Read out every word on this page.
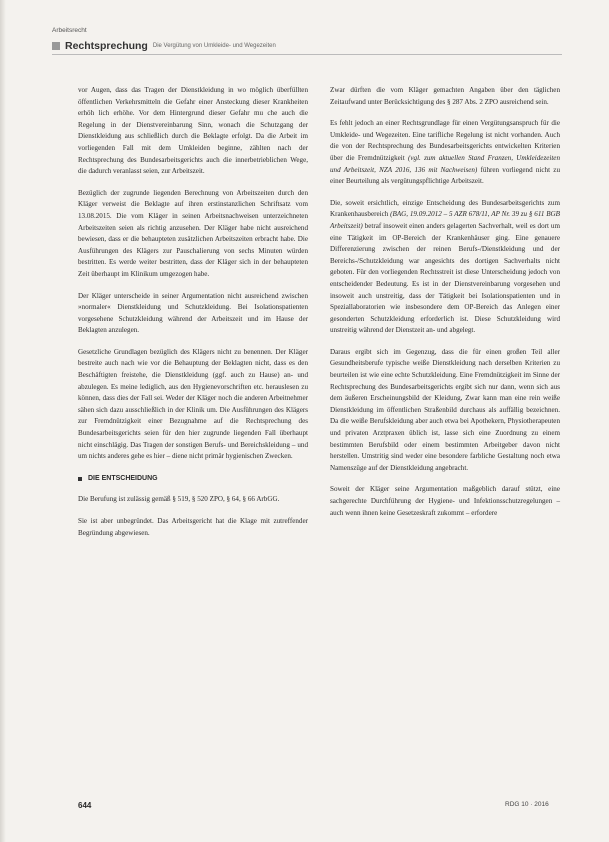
Arbeitsrecht
Rechtsprechung Die Vergütung von Umkleide- und Wegezeiten

vor Augen, dass das Tragen der Dienstkleidung in wo möglich überfüllten öffentlichen Verkehrsmitteln die Gefahr einer Ansteckung dieser Krankheiten erhöh lich erhöhe. Vor dem Hintergrund dieser Gefahr mu che auch die Regelung in der Dienstvereinbarung Sinn, wonach die Schutzgang der Dienstkleidung aus schließlich durch die Beklagte erfolgt. Da die Arbeit im vorliegenden Fall mit dem Umkleiden beginne, zählten nach der Rechtsprechung des Bundesarbeitsgerichts auch die innerbetrieblichen Wege, die dadurch veranlasst seien, zur Arbeitszeit.

Bezüglich der zugrunde liegenden Berechnung von Arbeitszeiten durch den Kläger verweist die Beklagte auf ihren erstinstanzlichen Schriftsatz vom 13.08.2015. Die vom Kläger in seinen Arbeitsnachweisen unterzeichneten Arbeitszeiten seien als richtig anzusehen. Der Kläger habe nicht ausreichend bewiesen, dass er die behaupteten zusätzlichen Arbeitszeiten erbracht habe. Die Ausführungen des Klägers zur Pauschalierung von sechs Minuten würden bestritten. Es werde weiter bestritten, dass der Kläger sich in der behaupteten Zeit überhaupt im Klinikum umgezogen habe.

Der Kläger unterscheide in seiner Argumentation nicht ausreichend zwischen »normaler« Dienstkleidung und Schutzkleidung. Bei Isolationspatienten vorgesehene Schutzkleidung während der Arbeitszeit und im Hause der Beklagten anzulegen.

Gesetzliche Grundlagen bezüglich des Klägers nicht zu benennen. Der Kläger bestreite auch nach wie vor die Behauptung der Beklagten nicht, dass es den Beschäftigten freistehe, die Dienstkleidung (ggf. auch zu Hause) an- und abzulegen. Es meine lediglich, aus den Hygienevorschriften etc. herauslesen zu können, dass dies der Fall sei. Weder der Kläger noch die anderen Arbeitnehmer sähen sich dazu ausschließlich in der Klinik um. Die Ausführungen des Klägers zur Fremdnützigkeit einer Bezugnahme auf die Rechtsprechung des Bundesarbeitsgerichts seien für den hier zugrunde liegenden Fall überhaupt nicht einschlägig. Das Tragen der sonstigen Berufs- und Bereichskleidung – und um nichts anderes gehe es hier – diene nicht primär hygienischen Zwecken.

DIE ENTSCHEIDUNG

Die Berufung ist zulässig gemäß § 519, § 520 ZPO, § 64, § 66 ArbGG.

Sie ist aber unbegründet. Das Arbeitsgericht hat die Klage mit zutreffender Begründung abgewiesen.

Zwar dürften die vom Kläger gemachten Angaben über den täglichen Zeitaufwand unter Berücksichtigung des § 287 Abs. 2 ZPO ausreichend sein.

Es fehlt jedoch an einer Rechtsgrundlage für einen Vergütungsanspruch für die Umkleide- und Wegezeiten. Eine tarifliche Regelung ist nicht vorhanden. Auch die von der Rechtsprechung des Bundesarbeitsgerichts entwickelten Kriterien über die Fremdnützigkeit (vgl. zum aktuellen Stand Franzen, Umkleidezeiten und Arbeitszeit, NZA 2016, 136 mit Nachweisen) führen vorliegend nicht zu einer Beurteilung als vergütungspflichtige Arbeitszeit.

Die, soweit ersichtlich, einzige Entscheidung des Bundesarbeitsgerichts zum Krankenhausbereich (BAG, 19.09.2012 – 5 AZR 678/11, AP Nr. 39 zu § 611 BGB Arbeitszeit) betraf insoweit einen anders gelagerten Sachverhalt, weil es dort um eine Tätigkeit im OP-Bereich der Krankenhäuser ging. Eine genauere Differenzierung zwischen der reinen Berufs-/Dienstkleidung und der Bereichs-/Schutzkleidung war angesichts des dortigen Sachverhalts nicht geboten. Für den vorliegenden Rechtsstreit ist diese Unterscheidung jedoch von entscheidender Bedeutung. Es ist in der Dienstvereinbarung vorgesehen und insoweit auch unstreitig, dass der Tätigkeit bei Isolationspatienten und in Speziallaboratorien wie insbesondere dem OP-Bereich das Anlegen einer gesonderten Schutzkleidung erforderlich ist. Diese Schutzkleidung wird unstreitig während der Dienstzeit an- und abgelegt.

Daraus ergibt sich im Gegenzug, dass die für einen großen Teil aller Gesundheitsberufe typische weiße Dienstkleidung nach derselben Kriterien zu beurteilen ist wie eine echte Schutzkleidung. Eine Fremdnützigkeit im Sinne der Rechtsprechung des Bundesarbeitsgerichts ergibt sich nur dann, wenn sich aus dem äußeren Erscheinungsbild der Kleidung, Zwar kann man eine rein weiße Dienstkleidung im öffentlichen Straßenbild durchaus als auffällig bezeichnen. Da die weiße Berufskleidung aber auch etwa bei Apothekern, Physiotherapeuten und privaten Arztpraxen üblich ist, lasse sich eine Zuordnung zu einem bestimmten Berufsbild oder einem bestimmten Arbeitgeber davon nicht herstellen. Umstritig sind weder eine besondere farbliche Gestaltung noch etwa Namenszüge auf der Dienstkleidung angebracht.

Soweit der Kläger seine Argumentation maßgeblich darauf stützt, eine sachgerechte Durchführung der Hygiene- und Infektionsschutzregelungen – auch wenn ihnen keine Gesetzeskraft zukommt – erfordere

644	RDG 10 · 2016
